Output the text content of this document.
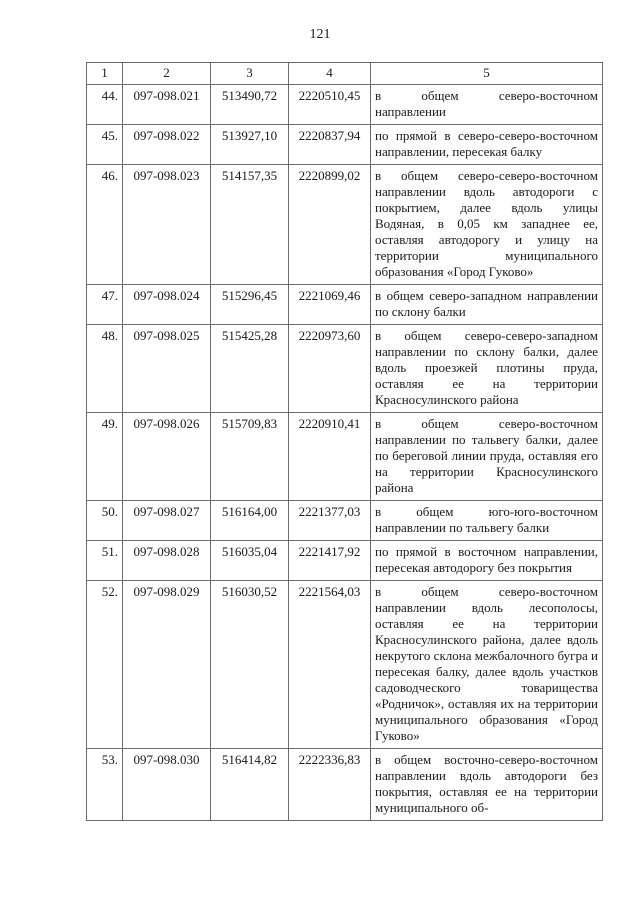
121
1	2	3	4	5
44.	097-098.021	513490,72	2220510,45	в общем северо-восточном направлении
45.	097-098.022	513927,10	2220837,94	по прямой в северо-северо-восточном направлении, пересекая балку
46.	097-098.023	514157,35	2220899,02	в общем северо-северо-восточном направлении вдоль автодороги с покрытием, далее вдоль улицы Водяная, в 0,05 км западнее ее, оставляя автодорогу и улицу на территории муниципального образования «Город Гуково»
47.	097-098.024	515296,45	2221069,46	в общем северо-западном направлении по склону балки
48.	097-098.025	515425,28	2220973,60	в общем северо-северо-западном направлении по склону балки, далее вдоль проезжей плотины пруда, оставляя ее на территории Красносулинского района
49.	097-098.026	515709,83	2220910,41	в общем северо-восточном направлении по тальвегу балки, далее по береговой линии пруда, оставляя его на территории Красносулинского района
50.	097-098.027	516164,00	2221377,03	в общем юго-юго-восточном направлении по тальвегу балки
51.	097-098.028	516035,04	2221417,92	по прямой в восточном направлении, пересекая автодорогу без покрытия
52.	097-098.029	516030,52	2221564,03	в общем северо-восточном направлении вдоль лесополосы, оставляя ее на территории Красносулинского района, далее вдоль некрутого склона межбалочного бугра и пересекая балку, далее вдоль участков садоводческого товарищества «Родничок», оставляя их на территории муниципального образования «Город Гуково»
53.	097-098.030	516414,82	2222336,83	в общем восточно-северо-восточном направлении вдоль автодороги без покрытия, оставляя ее на территории муниципального об-
